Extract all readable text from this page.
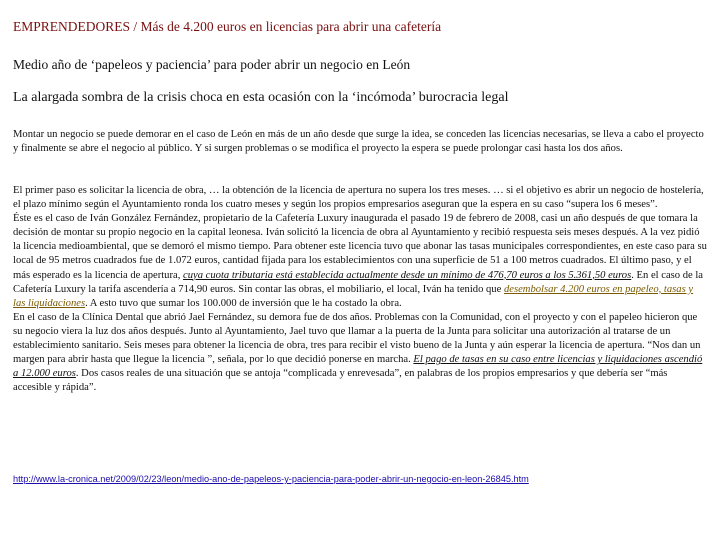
EMPRENDEDORES / Más de 4.200 euros en licencias para abrir una cafetería
Medio año de ‘papeleos y paciencia’ para poder abrir un negocio en León
La alargada sombra de la crisis choca en esta ocasión con la ‘incómoda’ burocracia legal
Montar un negocio se puede demorar en el caso de León en más de un año desde que surge la idea, se conceden las licencias necesarias, se lleva a cabo el proyecto y finalmente se abre el negocio al público. Y si surgen problemas o se modifica el proyecto la espera se puede prolongar casi hasta los dos años.
El primer paso es solicitar la licencia de obra, … la obtención de la licencia de apertura no supera los tres meses. … si el objetivo es abrir un negocio de hostelería, el plazo mínimo según el Ayuntamiento ronda los cuatro meses y según los propios empresarios aseguran que la espera en su caso “supera los 6 meses”.
Éste es el caso de Iván González Fernández, propietario de la Cafetería Luxury inaugurada el pasado 19 de febrero de 2008, casi un año después de que tomara la decisión de montar su propio negocio en la capital leonesa. Iván solicitó la licencia de obra al Ayuntamiento y recibió respuesta seis meses después. A la vez pidió la licencia medioambiental, que se demoró el mismo tiempo. Para obtener este licencia tuvo que abonar las tasas municipales correspondientes, en este caso para su local de 95 metros cuadrados fue de 1.072 euros, cantidad fijada para los establecimientos con una superficie de 51 a 100 metros cuadrados. El último paso, y el más esperado es la licencia de apertura, cuya cuota tributaria está establecida actualmente desde un mínimo de 476,70 euros a los 5.361,50 euros. En el caso de la Cafetería Luxury la tarifa ascendería a 714,90 euros. Sin contar las obras, el mobiliario, el local, Iván ha tenido que desembolsar 4.200 euros en papeleo, tasas y las liquidaciones. A esto tuvo que sumar los 100.000 de inversión que le ha costado la obra.
En el caso de la Clínica Dental que abrió Jael Fernández, su demora fue de dos años. Problemas con la Comunidad, con el proyecto y con el papeleo hicieron que su negocio viera la luz dos años después. Junto al Ayuntamiento, Jael tuvo que llamar a la puerta de la Junta para solicitar una autorización al tratarse de un establecimiento sanitario. Seis meses para obtener la licencia de obra, tres para recibir el visto bueno de la Junta y aún esperar la licencia de apertura. “Nos dan un margen para abrir hasta que llegue la licencia ”, señala, por lo que decidió ponerse en marcha. El pago de tasas en su caso entre licencias y liquidaciones ascendió a 12.000 euros. Dos casos reales de una situación que se antoja “complicada y enrevesada”, en palabras de los propios empresarios y que debería ser “más accesible y rápida”.
http://www.la-cronica.net/2009/02/23/leon/medio-ano-de-papeleos-y-paciencia-para-poder-abrir-un-negocio-en-leon-26845.htm
